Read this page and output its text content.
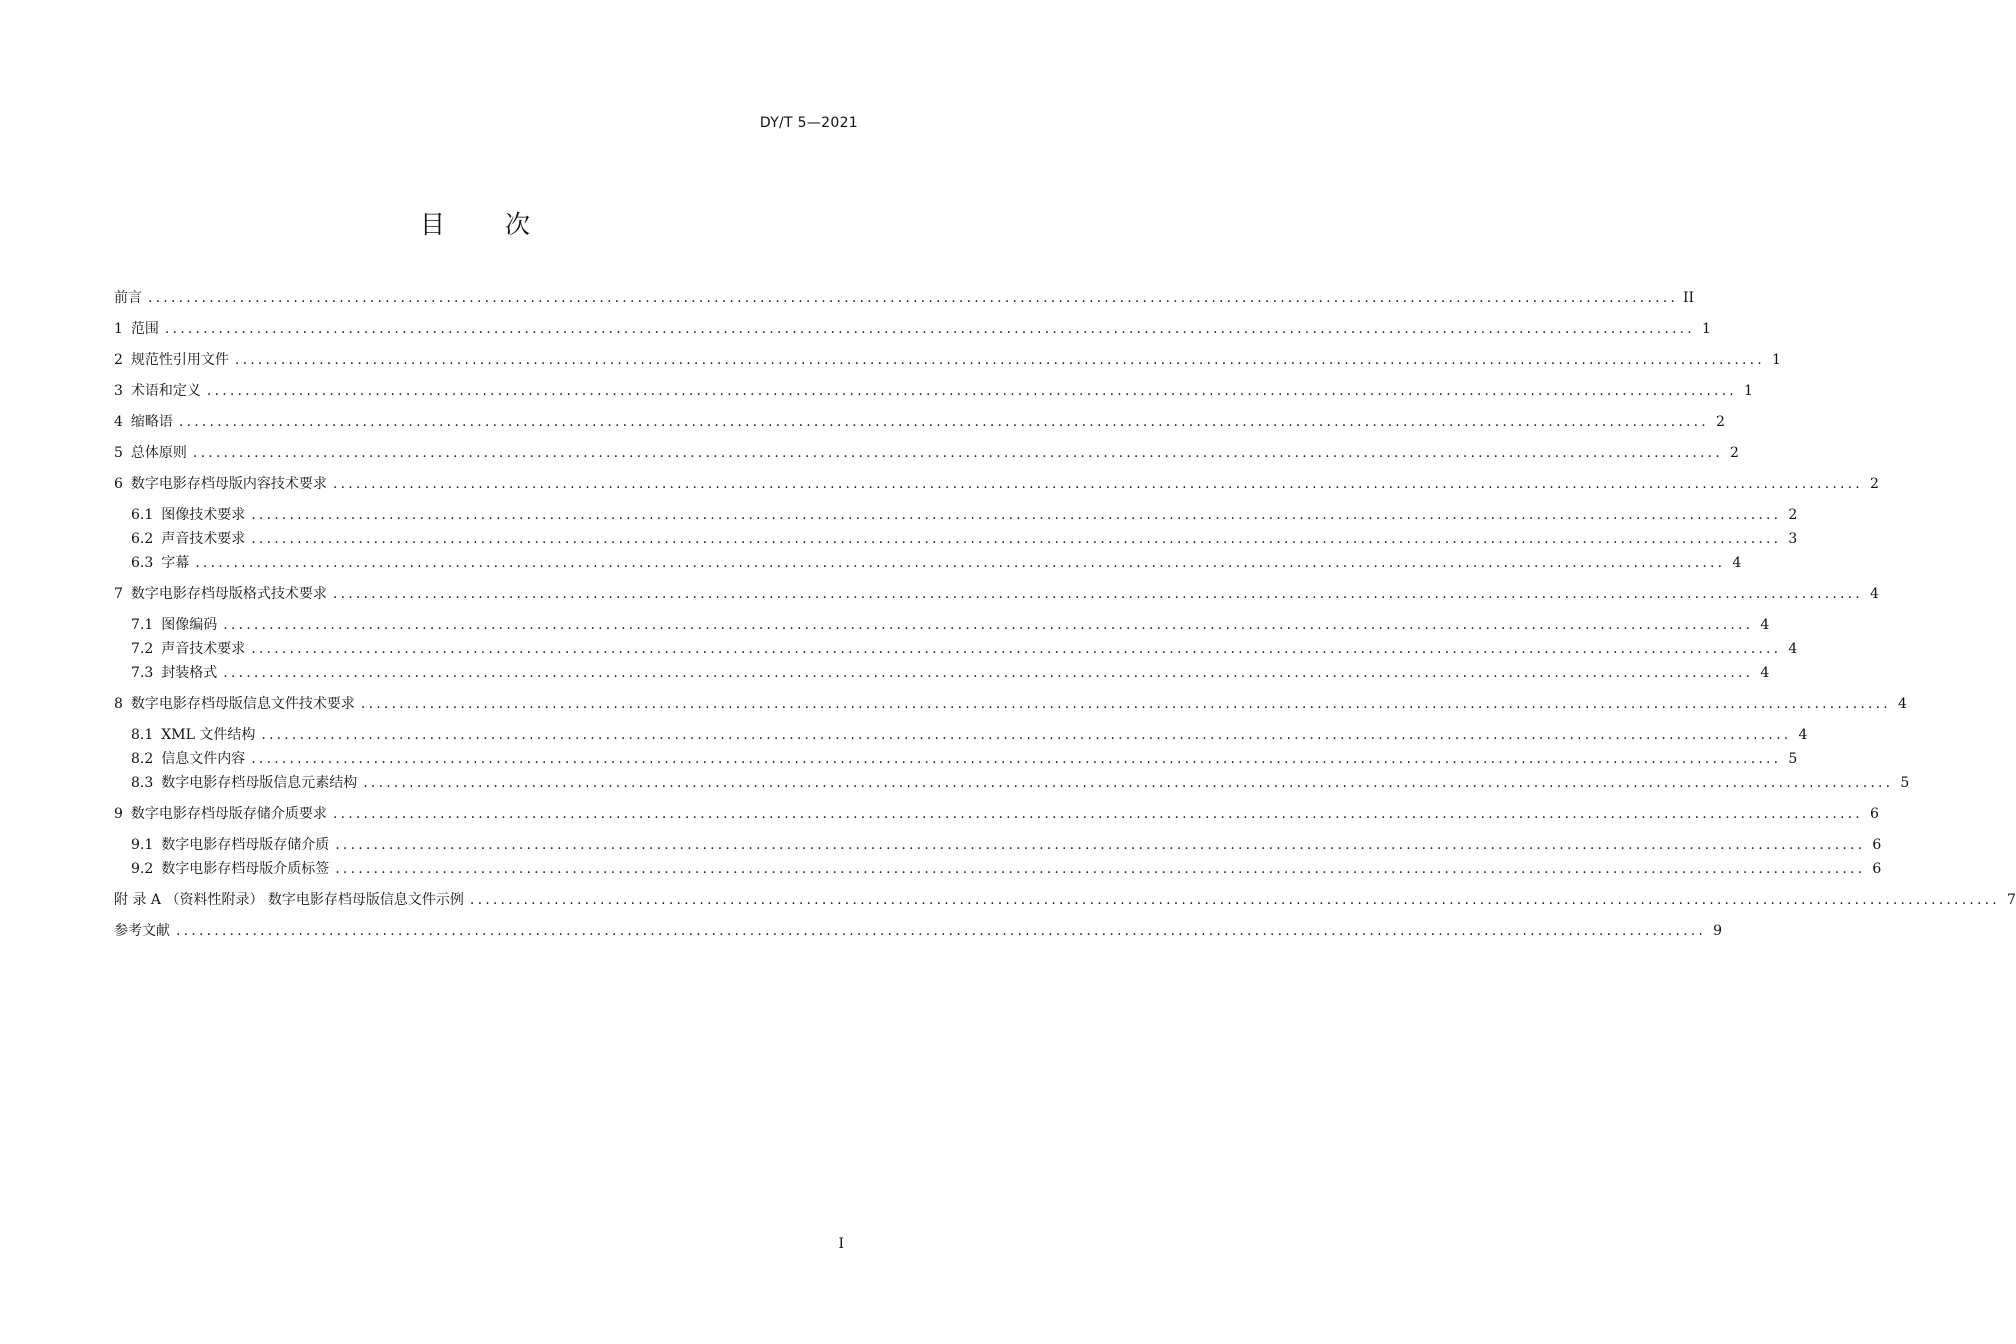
DY/T 5—2021
目 次
前言 ........................................................................................................................................................................................................ II
1 范围 ........................................................................................................................................................................................................ 1
2 规范性引用文件 ........................................................................................................................................................................................................ 1
3 术语和定义 ........................................................................................................................................................................................................ 1
4 缩略语 ........................................................................................................................................................................................................ 2
5 总体原则 ........................................................................................................................................................................................................ 2
6 数字电影存档母版内容技术要求 ........................................................................................................................................................................................................ 2
6.1 图像技术要求 ........................................................................................................................................................................................................ 2
6.2 声音技术要求 ........................................................................................................................................................................................................ 3
6.3 字幕 ........................................................................................................................................................................................................ 4
7 数字电影存档母版格式技术要求 ........................................................................................................................................................................................................ 4
7.1 图像编码 ........................................................................................................................................................................................................ 4
7.2 声音技术要求 ........................................................................................................................................................................................................ 4
7.3 封装格式 ........................................................................................................................................................................................................ 4
8 数字电影存档母版信息文件技术要求 ........................................................................................................................................................................................................ 4
8.1 XML 文件结构 ........................................................................................................................................................................................................ 4
8.2 信息文件内容 ........................................................................................................................................................................................................ 5
8.3 数字电影存档母版信息元素结构 ........................................................................................................................................................................................................ 5
9 数字电影存档母版存储介质要求 ........................................................................................................................................................................................................ 6
9.1 数字电影存档母版存储介质 ........................................................................................................................................................................................................ 6
9.2 数字电影存档母版介质标签 ........................................................................................................................................................................................................ 6
附 录 A （资料性附录） 数字电影存档母版信息文件示例 ........................................................................................................................................................................................................ 7
参考文献 ........................................................................................................................................................................................................ 9
I
